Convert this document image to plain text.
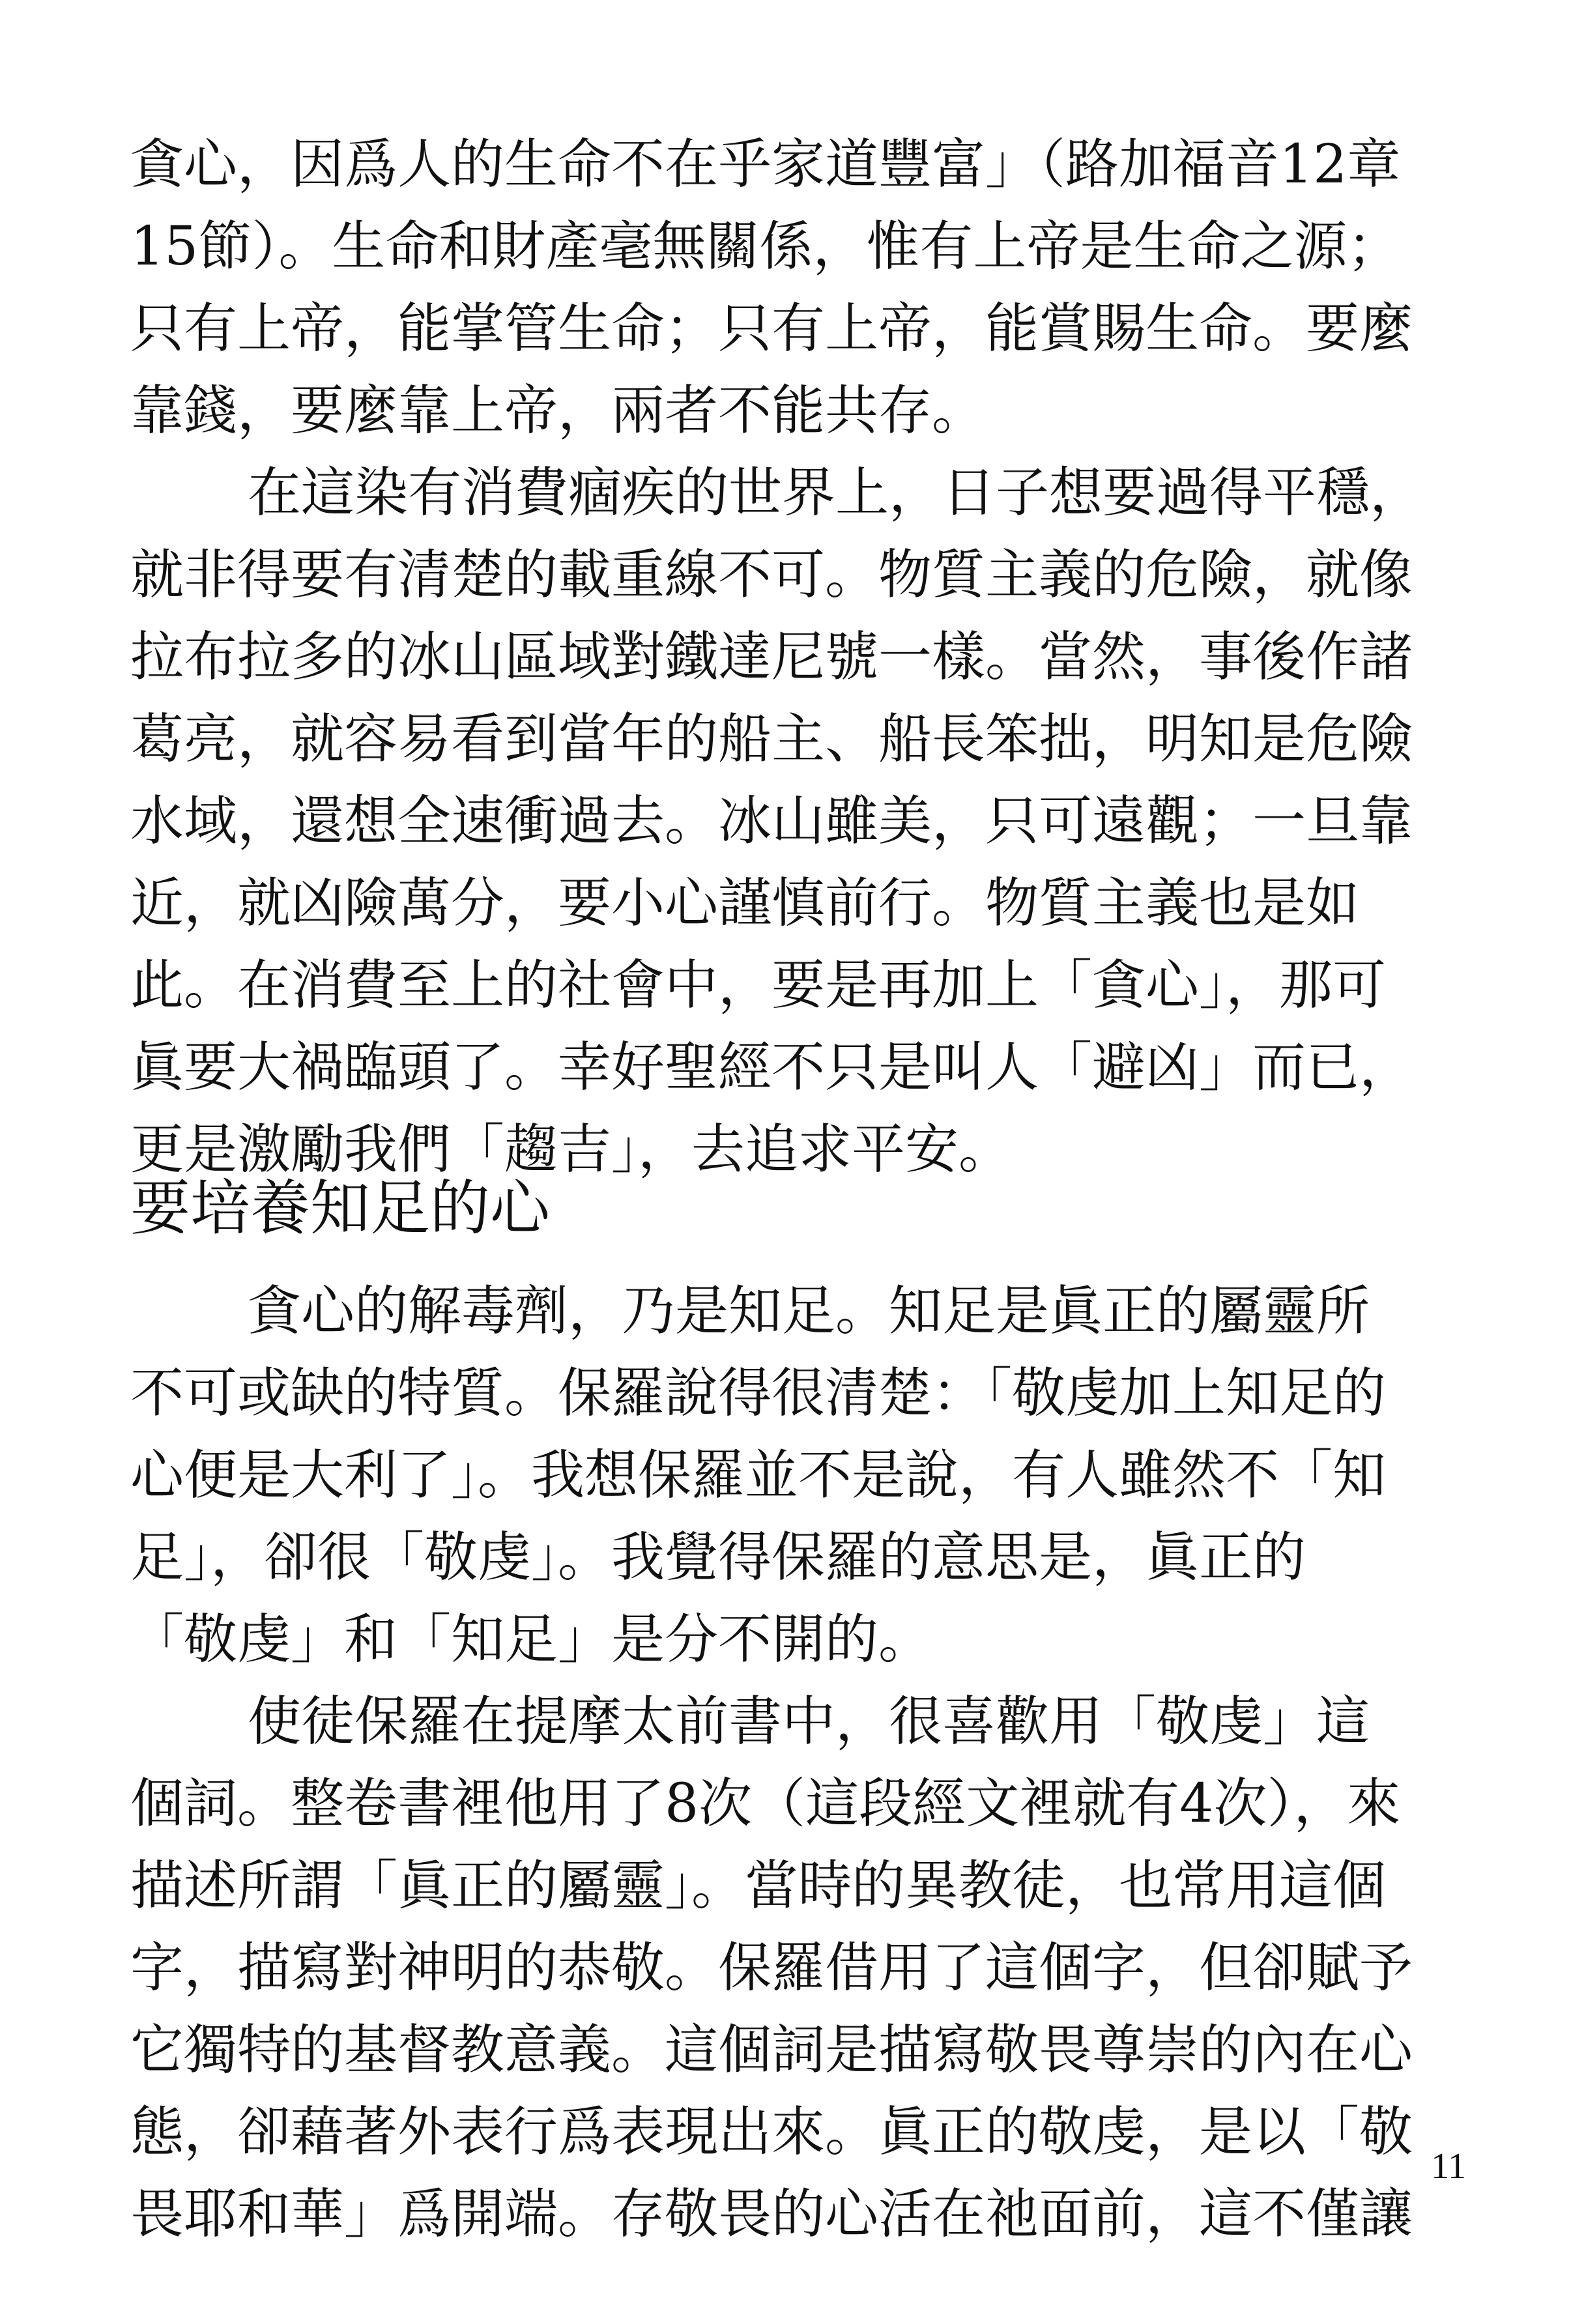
貪心，因爲人的生命不在乎家道豐富」（路加福音12章
15節）。生命和財產毫無關係，惟有上帝是生命之源；
只有上帝，能掌管生命；只有上帝，能賞賜生命。要麼
靠錢，要麼靠上帝，兩者不能共存。
在這染有消費痼疾的世界上，日子想要過得平穩，
就非得要有清楚的載重線不可。物質主義的危險，就像
拉布拉多的冰山區域對鐵達尼號一樣。當然，事後作諸
葛亮，就容易看到當年的船主、船長笨拙，明知是危險
水域，還想全速衝過去。冰山雖美，只可遠觀；一旦靠
近，就凶險萬分，要小心謹慎前行。物質主義也是如
此。在消費至上的社會中，要是再加上「貪心」，那可
眞要大禍臨頭了。幸好聖經不只是叫人「避凶」而已，
更是激勵我們「趨吉」，去追求平安。
要培養知足的心
貪心的解毒劑，乃是知足。知足是眞正的屬靈所
不可或缺的特質。保羅說得很清楚：「敬虔加上知足的
心便是大利了」。我想保羅並不是說，有人雖然不「知
足」，卻很「敬虔」。我覺得保羅的意思是，眞正的
「敬虔」和「知足」是分不開的。
使徒保羅在提摩太前書中，很喜歡用「敬虔」這
個詞。整卷書裡他用了8次（這段經文裡就有4次），來
描述所謂「眞正的屬靈」。當時的異教徒，也常用這個
字，描寫對神明的恭敬。保羅借用了這個字，但卻賦予
它獨特的基督教意義。這個詞是描寫敬畏尊崇的內在心
態，卻藉著外表行爲表現出來。眞正的敬虔，是以「敬
畏耶和華」爲開端。存敬畏的心活在祂面前，這不僅讓
11
